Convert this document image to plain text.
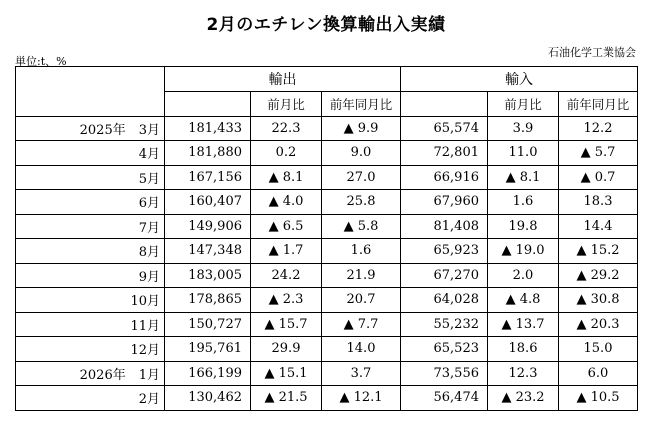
2月のエチレン換算輸出入実績
単位:t、%
石油化学工業協会
	輸出			輸入		
		前月比	前年同月比		前月比	前年同月比
2025年　3月	181,433	22.3	▲ 9.9	65,574	3.9	12.2
4月	181,880	0.2	9.0	72,801	11.0	▲ 5.7
5月	167,156	▲ 8.1	27.0	66,916	▲ 8.1	▲ 0.7
6月	160,407	▲ 4.0	25.8	67,960	1.6	18.3
7月	149,906	▲ 6.5	▲ 5.8	81,408	19.8	14.4
8月	147,348	▲ 1.7	1.6	65,923	▲ 19.0	▲ 15.2
9月	183,005	24.2	21.9	67,270	2.0	▲ 29.2
10月	178,865	▲ 2.3	20.7	64,028	▲ 4.8	▲ 30.8
11月	150,727	▲ 15.7	▲ 7.7	55,232	▲ 13.7	▲ 20.3
12月	195,761	29.9	14.0	65,523	18.6	15.0
2026年　1月	166,199	▲ 15.1	3.7	73,556	12.3	6.0
2月	130,462	▲ 21.5	▲ 12.1	56,474	▲ 23.2	▲ 10.5
